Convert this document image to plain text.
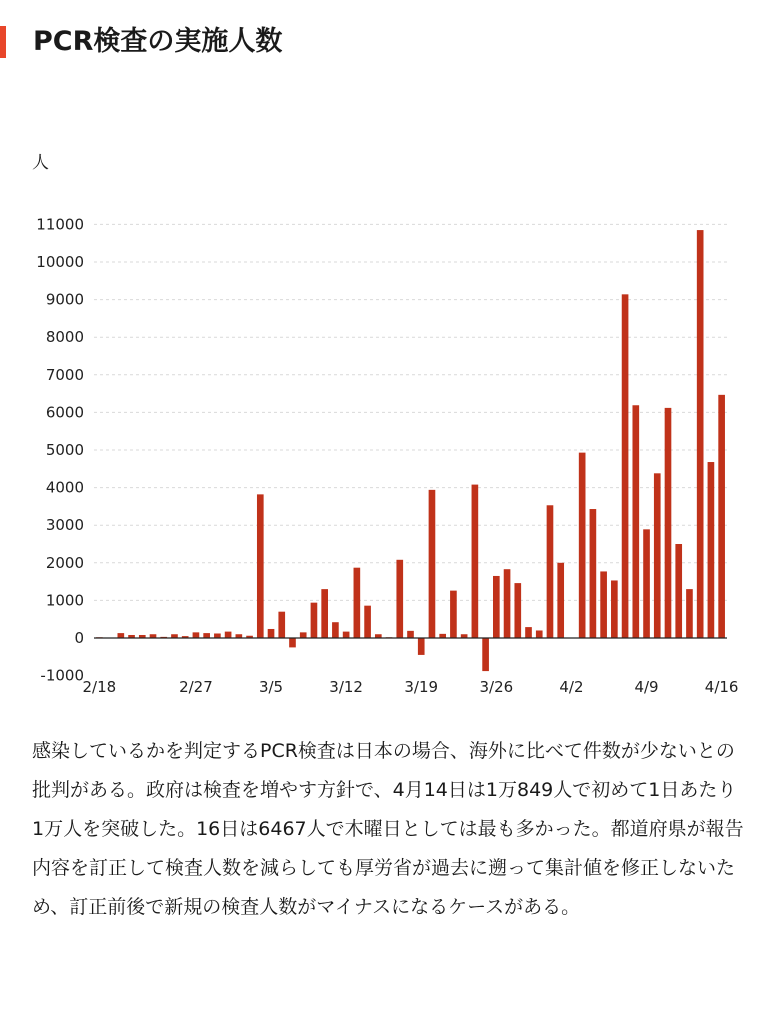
PCR検査の実施人数
人
-1000
0
1000
2000
3000
4000
5000
6000
7000
8000
9000
10000
11000
2/18	2/27	3/5	3/12	3/19	3/26	4/2	4/9	4/16

感染しているかを判定するPCR検査は日本の場合、海外に比べて件数が少ないとの批判がある。政府は検査を増やす方針で、4月14日は1万849人で初めて1日あたり1万人を突破した。16日は6467人で木曜日としては最も多かった。都道府県が報告内容を訂正して検査人数を減らしても厚労省が過去に遡って集計値を修正しないため、訂正前後で新規の検査人数がマイナスになるケースがある。
